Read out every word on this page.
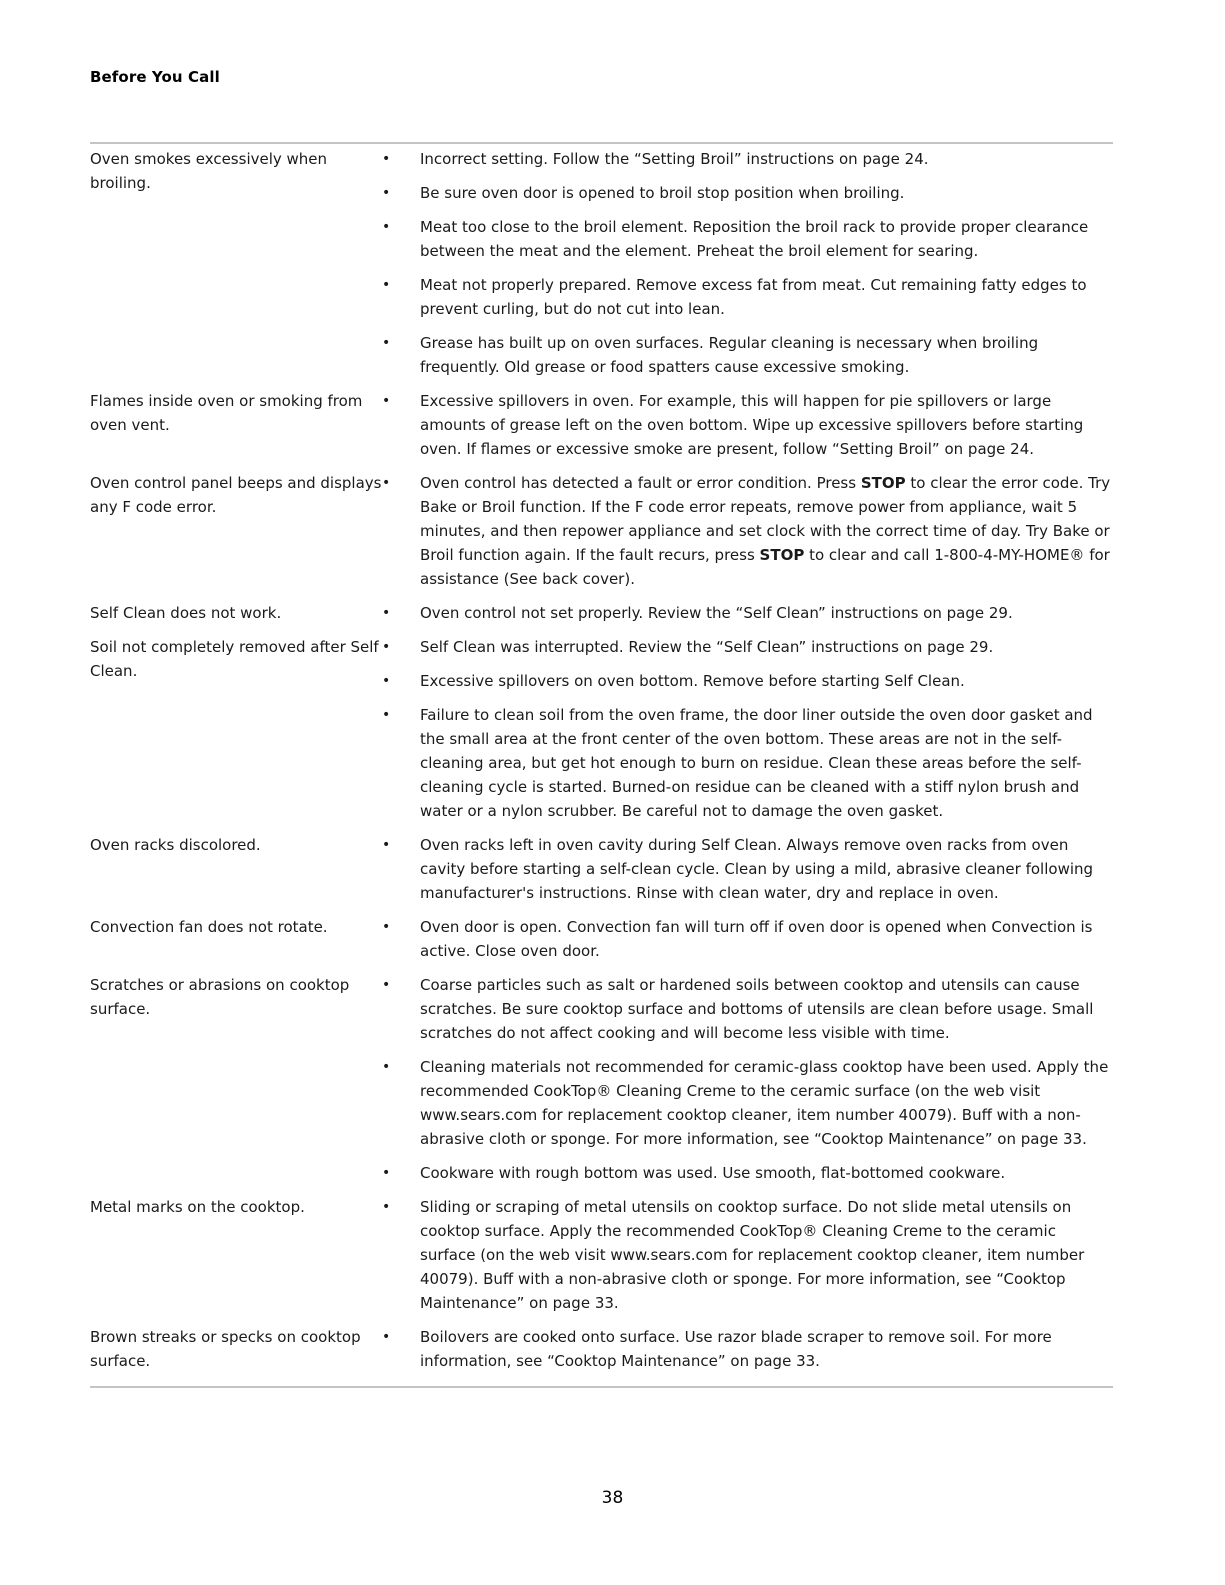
Before You Call
Oven smokes excessively when broiling.
•	Incorrect setting. Follow the “Setting Broil” instructions on page 24.
•	Be sure oven door is opened to broil stop position when broiling.
•	Meat too close to the broil element. Reposition the broil rack to provide proper clearance between the meat and the element. Preheat the broil element for searing.
•	Meat not properly prepared. Remove excess fat from meat. Cut remaining fatty edges to prevent curling, but do not cut into lean.
•	Grease has built up on oven surfaces. Regular cleaning is necessary when broiling frequently. Old grease or food spatters cause excessive smoking.
Flames inside oven or smoking from oven vent.
•	Excessive spillovers in oven. For example, this will happen for pie spillovers or large amounts of grease left on the oven bottom. Wipe up excessive spillovers before starting oven. If flames or excessive smoke are present, follow “Setting Broil” on page 24.
Oven control panel beeps and displays any F code error.
•	Oven control has detected a fault or error condition. Press STOP to clear the error code. Try Bake or Broil function. If the F code error repeats, remove power from appliance, wait 5 minutes, and then repower appliance and set clock with the correct time of day. Try Bake or Broil function again. If the fault recurs, press STOP to clear and call 1-800-4-MY-HOME® for assistance (See back cover).
Self Clean does not work.	•	Oven control not set properly. Review the “Self Clean” instructions on page 29.
Soil not completely removed after Self Clean.
•	Self Clean was interrupted. Review the “Self Clean” instructions on page 29.
•	Excessive spillovers on oven bottom. Remove before starting Self Clean.
•	Failure to clean soil from the oven frame, the door liner outside the oven door gasket and the small area at the front center of the oven bottom. These areas are not in the self-cleaning area, but get hot enough to burn on residue. Clean these areas before the self-cleaning cycle is started. Burned-on residue can be cleaned with a stiff nylon brush and water or a nylon scrubber. Be careful not to damage the oven gasket.
Oven racks discolored.	•	Oven racks left in oven cavity during Self Clean. Always remove oven racks from oven cavity before starting a self-clean cycle. Clean by using a mild, abrasive cleaner following manufacturer's instructions. Rinse with clean water, dry and replace in oven.
Convection fan does not rotate.	•	Oven door is open. Convection fan will turn off if oven door is opened when Convection is active. Close oven door.
Scratches or abrasions on cooktop surface.
•	Coarse particles such as salt or hardened soils between cooktop and utensils can cause scratches. Be sure cooktop surface and bottoms of utensils are clean before usage. Small scratches do not affect cooking and will become less visible with time.
•	Cleaning materials not recommended for ceramic-glass cooktop have been used. Apply the recommended CookTop® Cleaning Creme to the ceramic surface (on the web visit www.sears.com for replacement cooktop cleaner, item number 40079). Buff with a non-abrasive cloth or sponge. For more information, see “Cooktop Maintenance” on page 33.
•	Cookware with rough bottom was used. Use smooth, flat-bottomed cookware.
Metal marks on the cooktop.	•	Sliding or scraping of metal utensils on cooktop surface. Do not slide metal utensils on cooktop surface. Apply the recommended CookTop® Cleaning Creme to the ceramic surface (on the web visit www.sears.com for replacement cooktop cleaner, item number 40079). Buff with a non-abrasive cloth or sponge. For more information, see “Cooktop Maintenance” on page 33.
Brown streaks or specks on cooktop surface.
•	Boilovers are cooked onto surface. Use razor blade scraper to remove soil. For more information, see “Cooktop Maintenance” on page 33.
38
